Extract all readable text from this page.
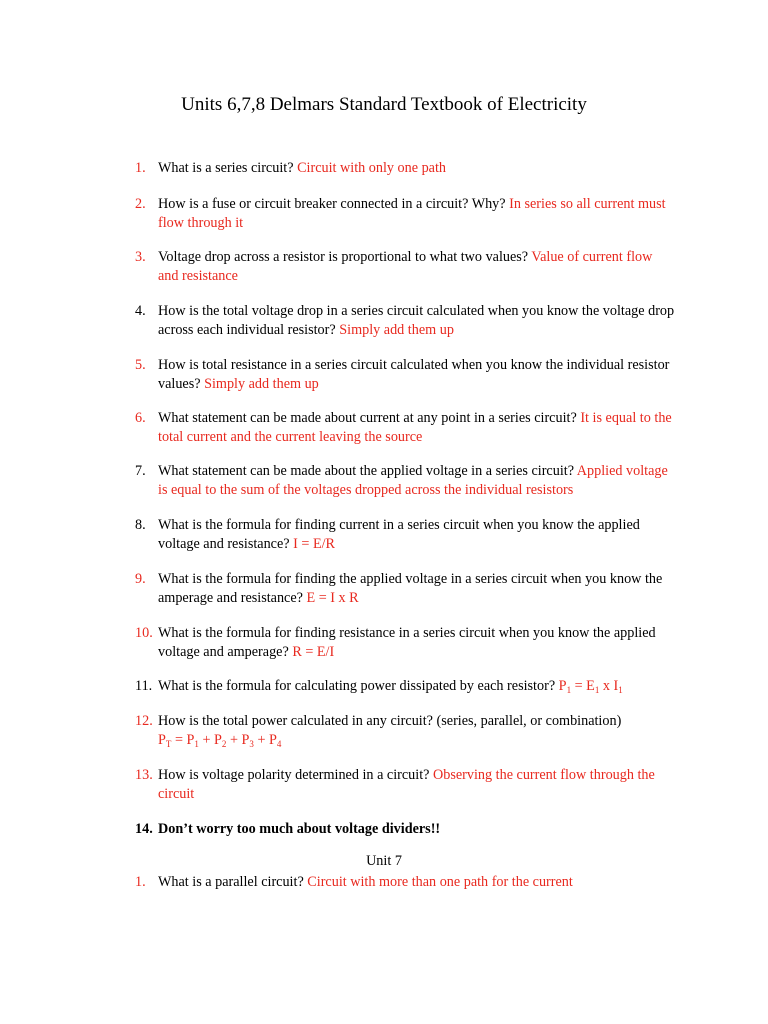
Units 6,7,8 Delmars Standard Textbook of Electricity
1. What is a series circuit? Circuit with only one path
2. How is a fuse or circuit breaker connected in a circuit? Why? In series so all current must flow through it
3. Voltage drop across a resistor is proportional to what two values? Value of current flow and resistance
4. How is the total voltage drop in a series circuit calculated when you know the voltage drop across each individual resistor? Simply add them up
5. How is total resistance in a series circuit calculated when you know the individual resistor values? Simply add them up
6. What statement can be made about current at any point in a series circuit? It is equal to the total current and the current leaving the source
7. What statement can be made about the applied voltage in a series circuit? Applied voltage is equal to the sum of the voltages dropped across the individual resistors
8. What is the formula for finding current in a series circuit when you know the applied voltage and resistance? I = E/R
9. What is the formula for finding the applied voltage in a series circuit when you know the amperage and resistance? E = I x R
10. What is the formula for finding resistance in a series circuit when you know the applied voltage and amperage? R = E/I
11. What is the formula for calculating power dissipated by each resistor? $P_1 = E_1$ x $I_1$
12. How is the total power calculated in any circuit? (series, parallel, or combination)
$P_T = P_1 + P_2 + P_3 + P_4$
13. How is voltage polarity determined in a circuit? Observing the current flow through the circuit
14. Don’t worry too much about voltage dividers!!
Unit 7
1. What is a parallel circuit? Circuit with more than one path for the current
